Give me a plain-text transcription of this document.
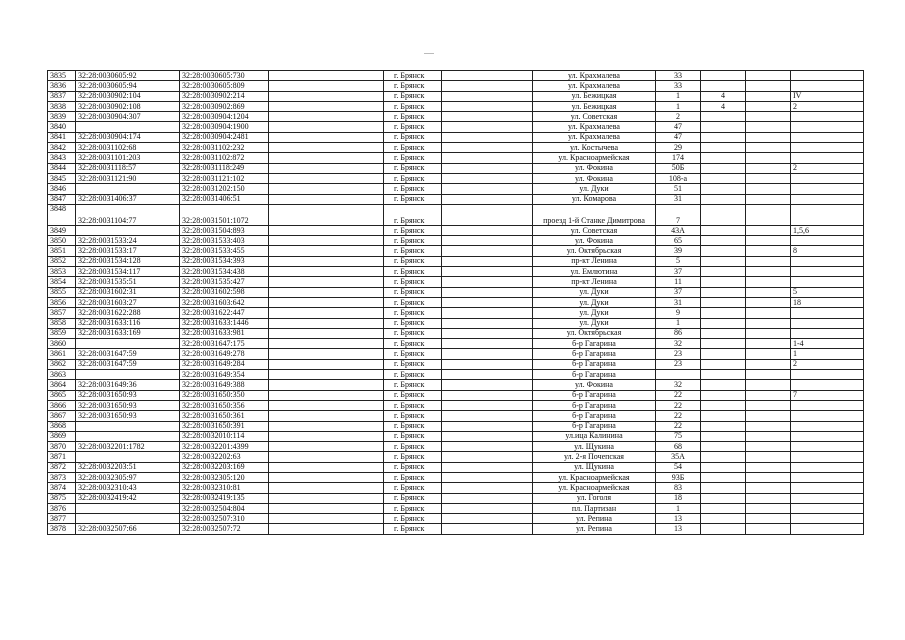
3835	32:28:0030605:92	32:28:0030605:730		г. Брянск		ул. Крахмалева	33			
3836	32:28:0030605:94	32:28:0030605:809		г. Брянск		ул. Крахмалева	33			
3837	32:28:0030902:104	32:28:0030902:214		г. Брянск		ул. Бежицкая	1	4		IV
3838	32:28:0030902:108	32:28:0030902:869		г. Брянск		ул. Бежицкая	1	4		2
3839	32:28:0030904:307	32:28:0030904:1204		г. Брянск		ул. Советская	2			
3840		32:28:0030904:1900		г. Брянск		ул. Крахмалева	47			
3841	32:28:0030904:174	32:28:0030904:2481		г. Брянск		ул. Крахмалева	47			
3842	32:28:0031102:68	32:28:0031102:232		г. Брянск		ул. Костычева	29			
3843	32:28:0031101:203	32:28:0031102:872		г. Брянск		ул. Красноармейская	174			
3844	32:28:0031118:57	32:28:0031118:249		г. Брянск		ул. Фокина	50Б			2
3845	32:28:0031121:90	32:28:0031121:102		г. Брянск		ул. Фокина	108-а			
3846		32:28:0031202:150		г. Брянск		ул. Дуки	51			
3847	32:28:0031406:37	32:28:0031406:51		г. Брянск		ул. Комарова	31			
3848	32:28:0031104:77	32:28:0031501:1072		г. Брянск		проезд 1-й Станке Димитрова	7			
3849		32:28:0031504:893		г. Брянск		ул. Советская	43А			1,5,6
3850	32:28:0031533:24	32:28:0031533:403		г. Брянск		ул. Фокина	65			
3851	32:28:0031533:17	32:28:0031533:455		г. Брянск		ул. Октябрьская	39			8
3852	32:28:0031534:128	32:28:0031534:393		г. Брянск		пр-кт Ленина	5			
3853	32:28:0031534:117	32:28:0031534:438		г. Брянск		ул. Емлютина	37			
3854	32:28:0031535:51	32:28:0031535:427		г. Брянск		пр-кт Ленина	11			
3855	32:28:0031602:31	32:28:0031602:598		г. Брянск		ул. Дуки	37			5
3856	32:28:0031603:27	32:28:0031603:642		г. Брянск		ул. Дуки	31			18
3857	32:28:0031622:288	32:28:0031622:447		г. Брянск		ул. Дуки	9			
3858	32:28:0031633:116	32:28:0031633:1446		г. Брянск		ул. Дуки	1			
3859	32:28:0031633:169	32:28:0031633:981		г. Брянск		ул. Октябрьская	86			
3860		32:28:0031647:175		г. Брянск		б-р Гагарина	32			1-4
3861	32:28:0031647:59	32:28:0031649:278		г. Брянск		б-р Гагарина	23			1
3862	32:28:0031647:59	32:28:0031649:284		г. Брянск		б-р Гагарина	23			2
3863		32:28:0031649:354		г. Брянск		б-р Гагарина				
3864	32:28:0031649:36	32:28:0031649:388		г. Брянск		ул. Фокина	32			
3865	32:28:0031650:93	32:28:0031650:350		г. Брянск		б-р Гагарина	22			7
3866	32:28:0031650:93	32:28:0031650:356		г. Брянск		б-р Гагарина	22			
3867	32:28:0031650:93	32:28:0031650:361		г. Брянск		б-р Гагарина	22			
3868		32:28:0031650:391		г. Брянск		б-р Гагарина	22			
3869		32:28:0032010:114		г. Брянск		ул.ица Калинина	75			
3870	32:28:0032201:1782	32:28:0032201:4399		г. Брянск		ул. Щукина	68			
3871		32:28:0032202:63		г. Брянск		ул. 2-я Почепская	35А			
3872	32:28:0032203:51	32:28:0032203:169		г. Брянск		ул. Щукина	54			
3873	32:28:0032305:97	32:28:0032305:120		г. Брянск		ул. Красноармейская	93Б			
3874	32:28:0032310:43	32:28:0032310:81		г. Брянск		ул. Красноармейская	83			
3875	32:28:0032419:42	32:28:0032419:135		г. Брянск		ул. Гоголя	18			
3876		32:28:0032504:804		г. Брянск		пл. Партизан	1			
3877		32:28:0032507:310		г. Брянск		ул. Репина	13			
3878	32:28:0032507:66	32:28:0032507:72		г. Брянск		ул. Репина	13			
